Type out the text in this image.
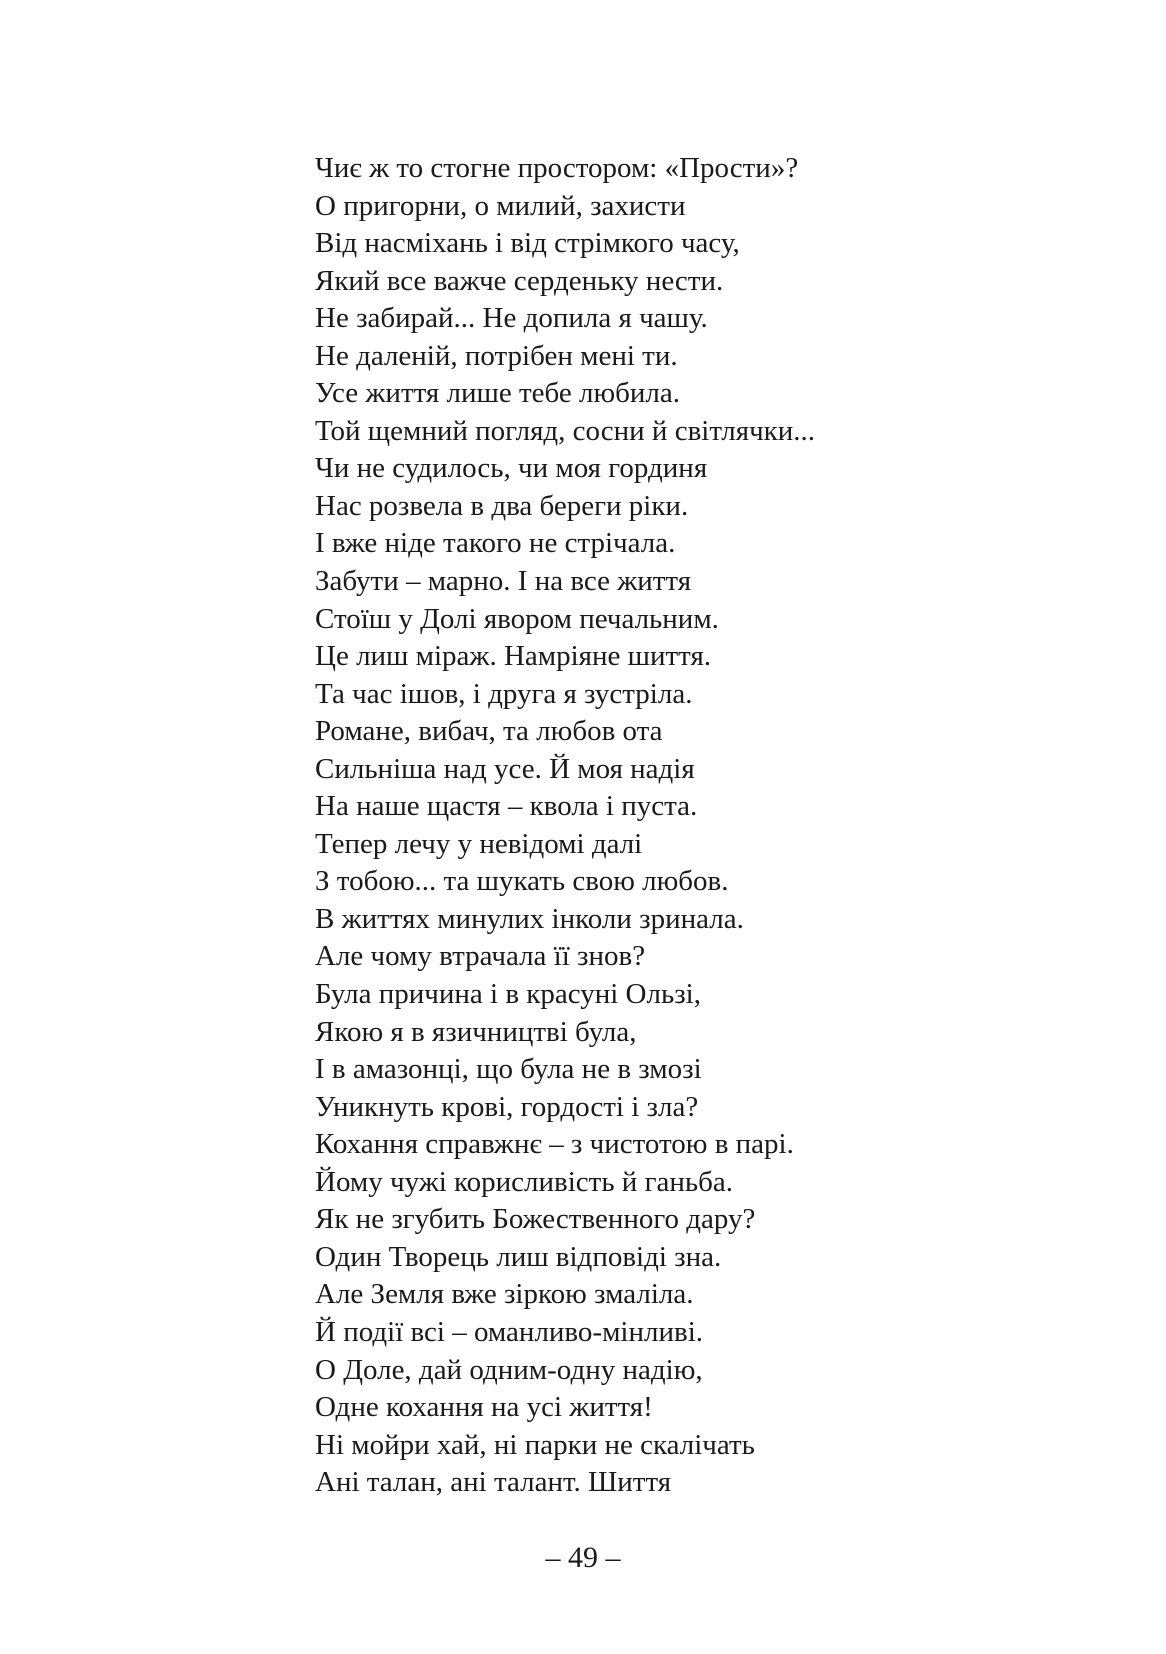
Чиє ж то стогне простором: «Прости»?
О пригорни, о милий, захисти
Від насміхань і від стрімкого часу,
Який все важче серденьку нести.
Не забирай... Не допила я чашу.
Не даленій, потрібен мені ти.
Усе життя лише тебе любила.
Той щемний погляд, сосни й світлячки...
Чи не судилось, чи моя гординя
Нас розвела в два береги ріки.
І вже ніде такого не стрічала.
Забути – марно. І на все життя
Стоїш у Долі явором печальним.
Це лиш міраж. Намріяне шиття.
Та час ішов, і друга я зустріла.
Романе, вибач, та любов ота
Сильніша над усе. Й моя надія
На наше щастя – квола і пуста.
Тепер лечу у невідомі далі
З тобою... та шукать свою любов.
В життях минулих інколи зринала.
Але чому втрачала її знов?
Була причина і в красуні Ользі,
Якою я в язичництві була,
І в амазонці, що була не в змозі
Уникнуть крові, гордості і зла?
Кохання справжнє – з чистотою в парі.
Йому чужі корисливість й ганьба.
Як не згубить Божественного дару?
Один Творець лиш відповіді зна.
Але Земля вже зіркою змаліла.
Й події всі – оманливо-мінливі.
О Доле, дай одним-одну надію,
Одне кохання на усі життя!
Ні мойри хай, ні парки не скалічать
Ані талан, ані талант. Шиття
– 49 –
